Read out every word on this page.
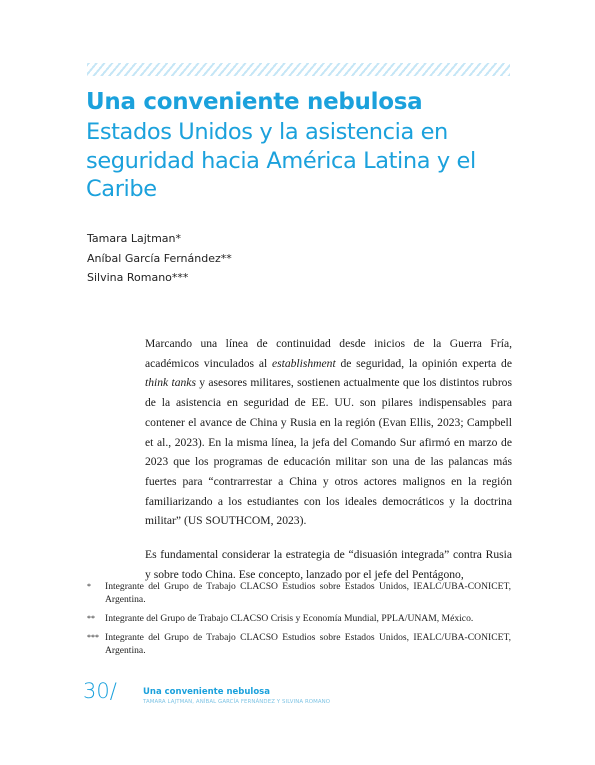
Una conveniente nebulosa
Estados Unidos y la asistencia en seguridad hacia América Latina y el Caribe
Tamara Lajtman*
Aníbal García Fernández**
Silvina Romano***

Marcando una línea de continuidad desde inicios de la Guerra Fría, académicos vinculados al establishment de seguridad, la opinión experta de think tanks y asesores militares, sostienen actualmente que los distintos rubros de la asistencia en seguridad de EE. UU. son pilares indispensables para contener el avance de China y Rusia en la región (Evan Ellis, 2023; Campbell et al., 2023). En la misma línea, la jefa del Comando Sur afirmó en marzo de 2023 que los programas de educación militar son una de las palancas más fuertes para “contrarrestar a China y otros actores malignos en la región familiarizando a los estudiantes con los ideales democráticos y la doctrina militar” (US SOUTHCOM, 2023).

Es fundamental considerar la estrategia de “disuasión integrada” contra Rusia y sobre todo China. Ese concepto, lanzado por el jefe del Pentágono,

*	Integrante del Grupo de Trabajo CLACSO Estudios sobre Estados Unidos, IEALC/UBA-CONICET, Argentina.
**	Integrante del Grupo de Trabajo CLACSO Crisis y Economía Mundial, PPLA/UNAM, México.
*** Integrante del Grupo de Trabajo CLACSO Estudios sobre Estados Unidos, IEALC/UBA-CONICET, Argentina.
30/	Una conveniente nebulosa
TAMARA LAJTMAN, ANÍBAL GARCÍA FERNÁNDEZ Y SILVINA ROMANO
